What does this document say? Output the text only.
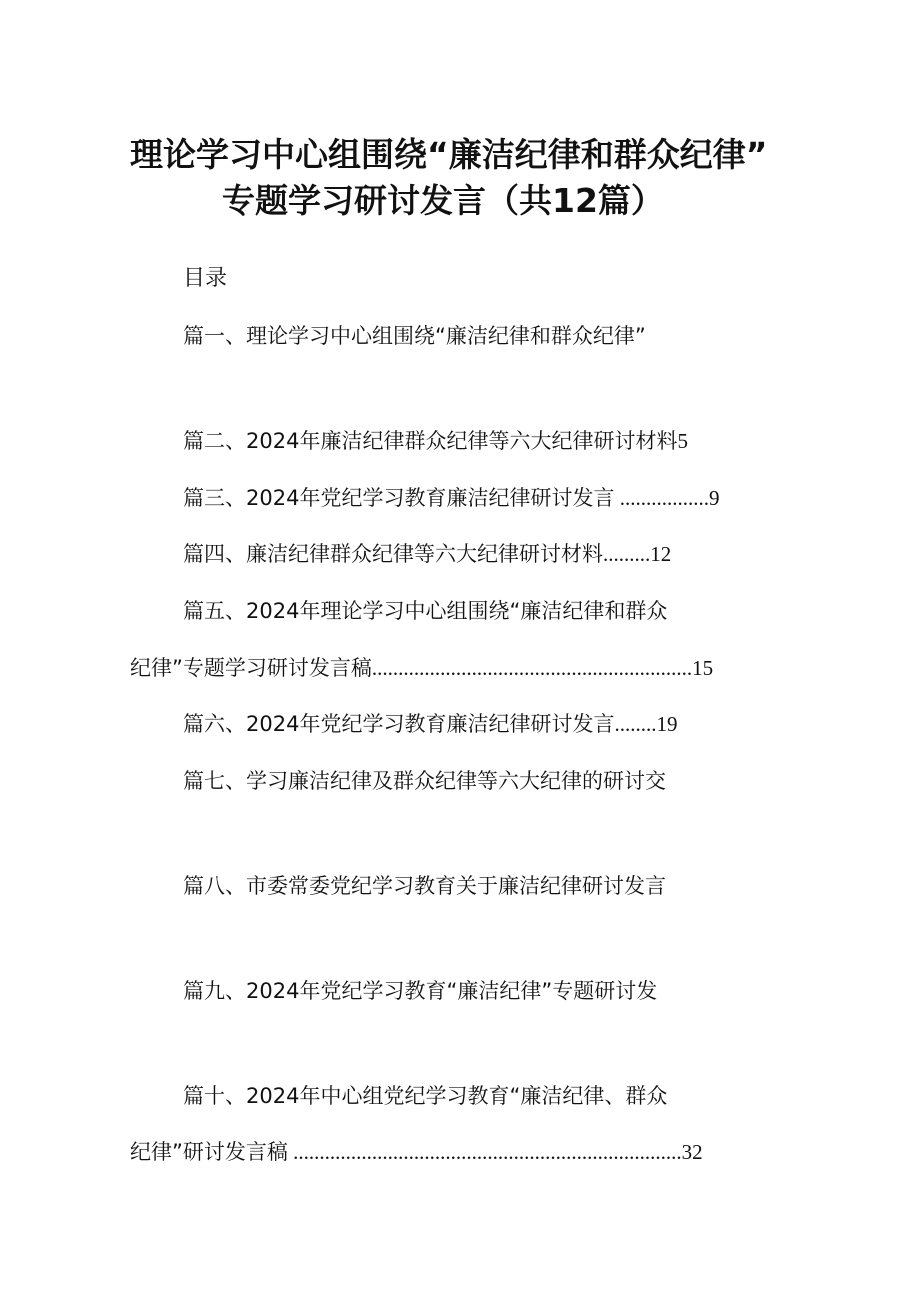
理论学习中心组围绕“廉洁纪律和群众纪律”
专题学习研讨发言（共12篇）
目录
篇一、理论学习中心组围绕“廉洁纪律和群众纪律”
篇二、2024年廉洁纪律群众纪律等六大纪律研讨材料5
篇三、2024年党纪学习教育廉洁纪律研讨发言 .................9
篇四、廉洁纪律群众纪律等六大纪律研讨材料.........12
篇五、2024年理论学习中心组围绕“廉洁纪律和群众
纪律”专题学习研讨发言稿.............................................................15
篇六、2024年党纪学习教育廉洁纪律研讨发言........19
篇七、学习廉洁纪律及群众纪律等六大纪律的研讨交
篇八、市委常委党纪学习教育关于廉洁纪律研讨发言
篇九、2024年党纪学习教育“廉洁纪律”专题研讨发
篇十、2024年中心组党纪学习教育“廉洁纪律、群众
纪律”研讨发言稿 ..........................................................................32
